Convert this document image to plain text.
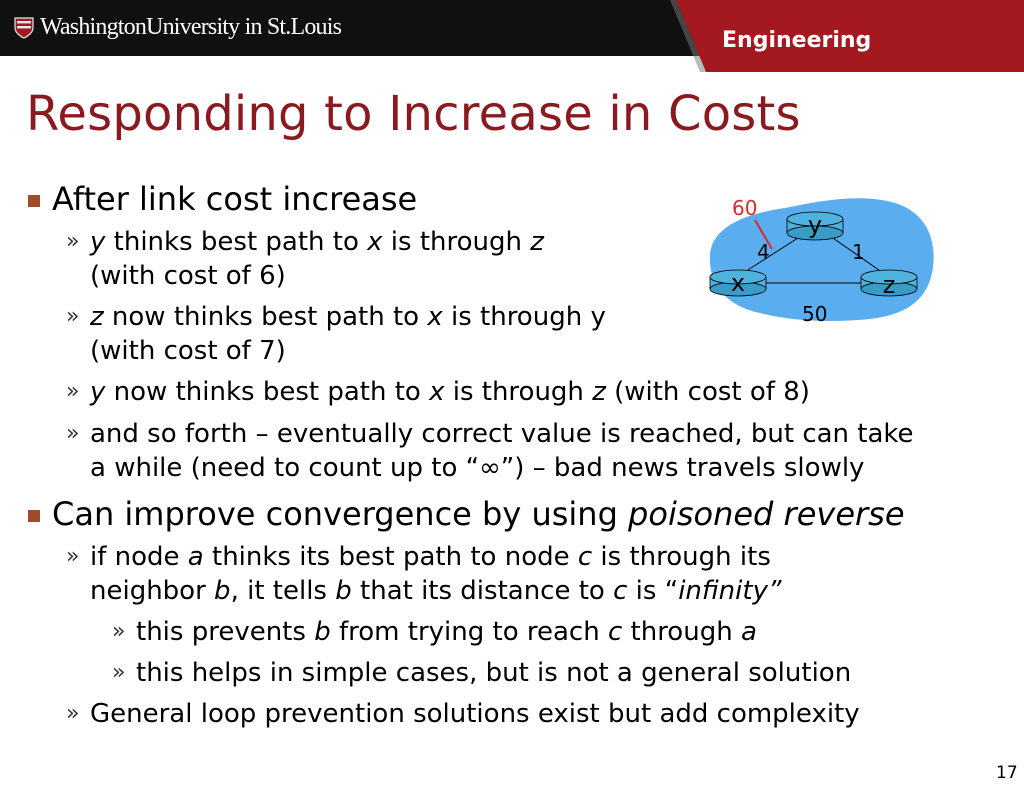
WashingtonUniversity in St.Louis
Engineering
Responding to Increase in Costs
After link cost increase
» y thinks best path to x is through z
(with cost of 6)
» z now thinks best path to x is through y
(with cost of 7)
» y now thinks best path to x is through z (with cost of 8)
» and so forth – eventually correct value is reached, but can take
a while (need to count up to “∞”) – bad news travels slowly
Can improve convergence by using poisoned reverse
» if node a thinks its best path to node c is through its
neighbor b, it tells b that its distance to c is “infinity”
» this prevents b from trying to reach c through a
» this helps in simple cases, but is not a general solution
» General loop prevention solutions exist but add complexity
y
x	z
60
4	1
50
17
